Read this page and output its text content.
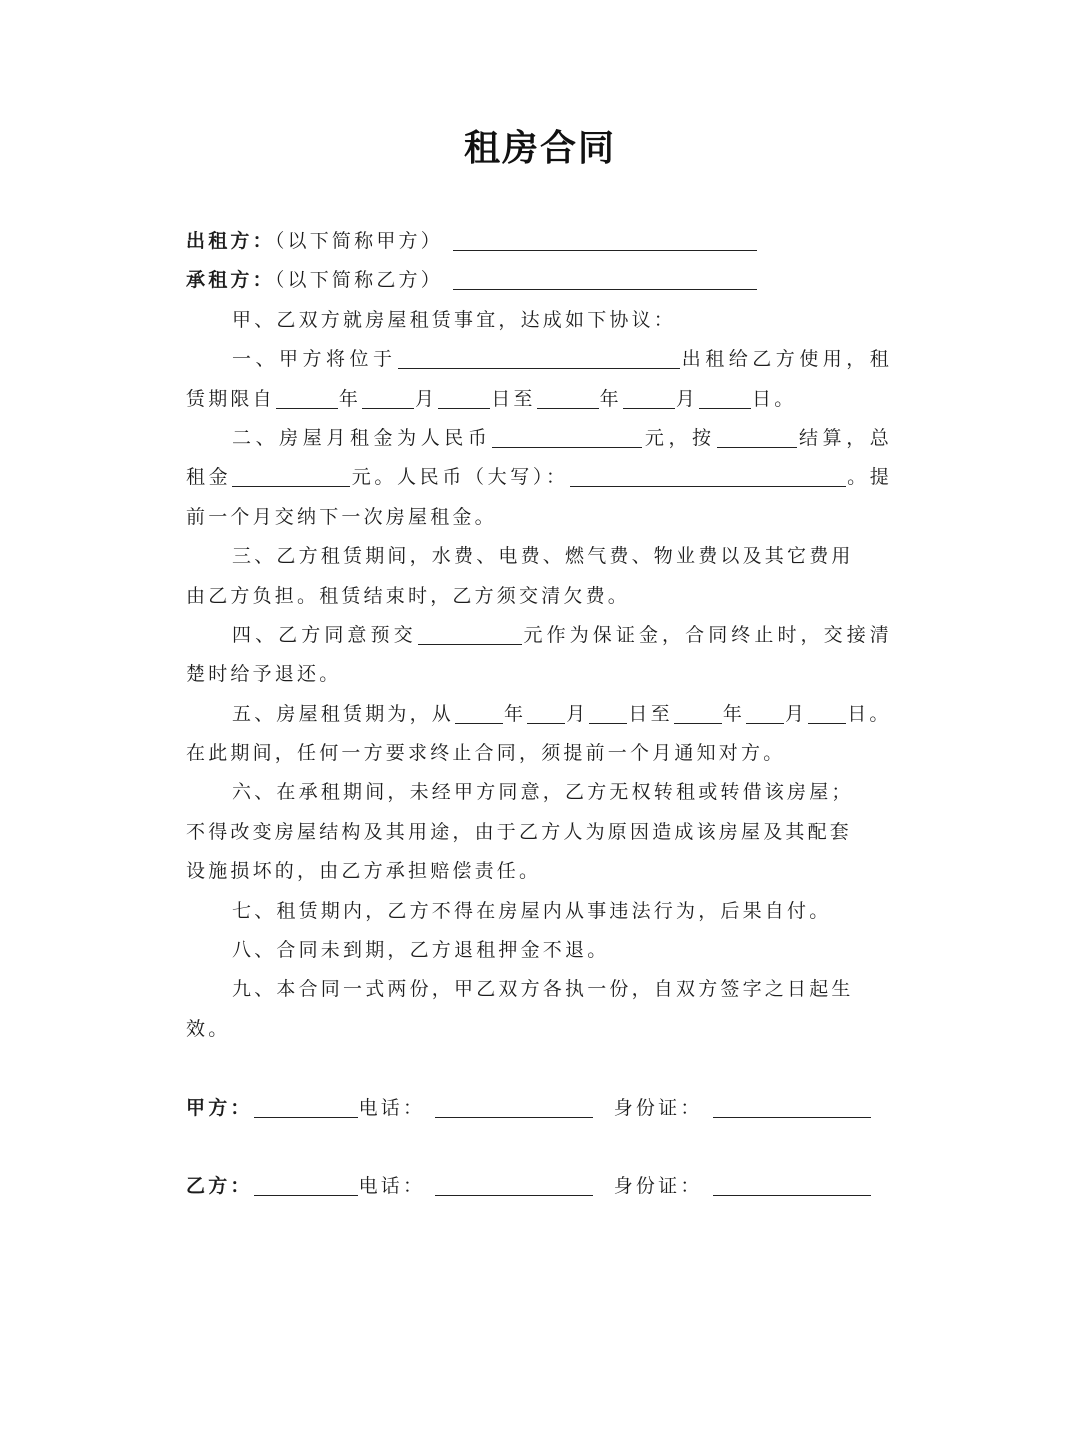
租房合同
出租方：（以下简称甲方）
承租方：（以下简称乙方）
甲、乙双方就房屋租赁事宜，达成如下协议：
一、甲方将位于	出租给乙方使用，租
赁期限自	年	月	日至	年	月	日。
二、房屋月租金为人民币	元，按	结算，总
租金	元。人民币（大写）：	。提
前一个月交纳下一次房屋租金。
三、乙方租赁期间，水费、电费、燃气费、物业费以及其它费用
由乙方负担。租赁结束时，乙方须交清欠费。
四、乙方同意预交	元作为保证金，合同终止时，交接清
楚时给予退还。
五、房屋租赁期为，从	年 月 日至	年 月 日。
在此期间，任何一方要求终止合同，须提前一个月通知对方。
六、在承租期间，未经甲方同意，乙方无权转租或转借该房屋；
不得改变房屋结构及其用途，由于乙方人为原因造成该房屋及其配套
设施损坏的，由乙方承担赔偿责任。
七、租赁期内，乙方不得在房屋内从事违法行为，后果自付。
八、合同未到期，乙方退租押金不退。
九、本合同一式两份，甲乙双方各执一份，自双方签字之日起生
效。
甲方：	电话：	身份证：
乙方：	电话：	身份证：
